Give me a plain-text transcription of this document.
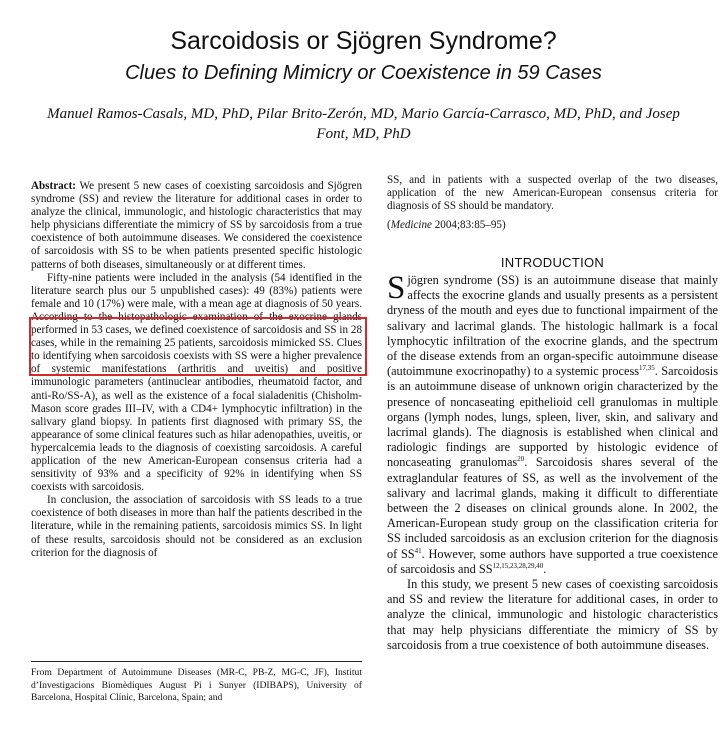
Sarcoidosis or Sjögren Syndrome?
Clues to Defining Mimicry or Coexistence in 59 Cases

Manuel Ramos-Casals, MD, PhD, Pilar Brito-Zerón, MD, Mario García-Carrasco, MD, PhD, and Josep Font, MD, PhD

Abstract: We present 5 new cases of coexisting sarcoidosis and Sjögren syndrome (SS) and review the literature for additional cases in order to analyze the clinical, immunologic, and histologic characteristics that may help physicians differentiate the mimicry of SS by sarcoidosis from a true coexistence of both autoimmune diseases. We considered the coexistence of sarcoidosis with SS to be when patients presented specific histologic patterns of both diseases, simultaneously or at different times.

Fifty-nine patients were included in the analysis (54 identified in the literature search plus our 5 unpublished cases): 49 (83%) patients were female and 10 (17%) were male, with a mean age at diagnosis of 50 years. According to the histopathologic examination of the exocrine glands performed in 53 cases, we defined coexistence of sarcoidosis and SS in 28 cases, while in the remaining 25 patients, sarcoidosis mimicked SS. Clues to identifying when sarcoidosis coexists with SS were a higher prevalence of systemic manifestations (arthritis and uveitis) and positive immunologic parameters (antinuclear antibodies, rheumatoid factor, and anti-Ro/SS-A), as well as the existence of a focal sialadenitis (Chisholm-Mason score grades III–IV, with a CD4+ lymphocytic infiltration) in the salivary gland biopsy. In patients first diagnosed with primary SS, the appearance of some clinical features such as hilar adenopathies, uveitis, or hypercalcemia leads to the diagnosis of coexisting sarcoidosis. A careful application of the new American-European consensus criteria had a sensitivity of 93% and a specificity of 92% in identifying when SS coexists with sarcoidosis.

In conclusion, the association of sarcoidosis with SS leads to a true coexistence of both diseases in more than half the patients described in the literature, while in the remaining patients, sarcoidosis mimics SS. In light of these results, sarcoidosis should not be considered as an exclusion criterion for the diagnosis of

From Department of Autoimmune Diseases (MR-C, PB-Z, MG-C, JF), Institut d’Investigacions Biomèdiques August Pi i Sunyer (IDIBAPS), University of Barcelona, Hospital Clínic, Barcelona, Spain; and

SS, and in patients with a suspected overlap of the two diseases, application of the new American-European consensus criteria for diagnosis of SS should be mandatory.

(Medicine 2004;83:85–95)

INTRODUCTION

Sjögren syndrome (SS) is an autoimmune disease that mainly affects the exocrine glands and usually presents as a persistent dryness of the mouth and eyes due to functional impairment of the salivary and lacrimal glands. The histologic hallmark is a focal lymphocytic infiltration of the exocrine glands, and the spectrum of the disease extends from an organ-specific autoimmune disease (autoimmune exocrinopathy) to a systemic process$^{17,35}$. Sarcoidosis is an autoimmune disease of unknown origin characterized by the presence of noncaseating epithelioid cell granulomas in multiple organs (lymph nodes, lungs, spleen, liver, skin, and salivary and lacrimal glands). The diagnosis is established when clinical and radiologic findings are supported by histologic evidence of noncaseating granulomas$^{20}$. Sarcoidosis shares several of the extraglandular features of SS, as well as the involvement of the salivary and lacrimal glands, making it difficult to differentiate between the 2 diseases on clinical grounds alone. In 2002, the American-European study group on the classification criteria for SS included sarcoidosis as an exclusion criterion for the diagnosis of SS$^{41}$. However, some authors have supported a true coexistence of sarcoidosis and SS$^{12,15,23,28,29,40}$.

In this study, we present 5 new cases of coexisting sarcoidosis and SS and review the literature for additional cases, in order to analyze the clinical, immunologic and histologic characteristics that may help physicians differentiate the mimicry of SS by sarcoidosis from a true coexistence of both autoimmune diseases.
